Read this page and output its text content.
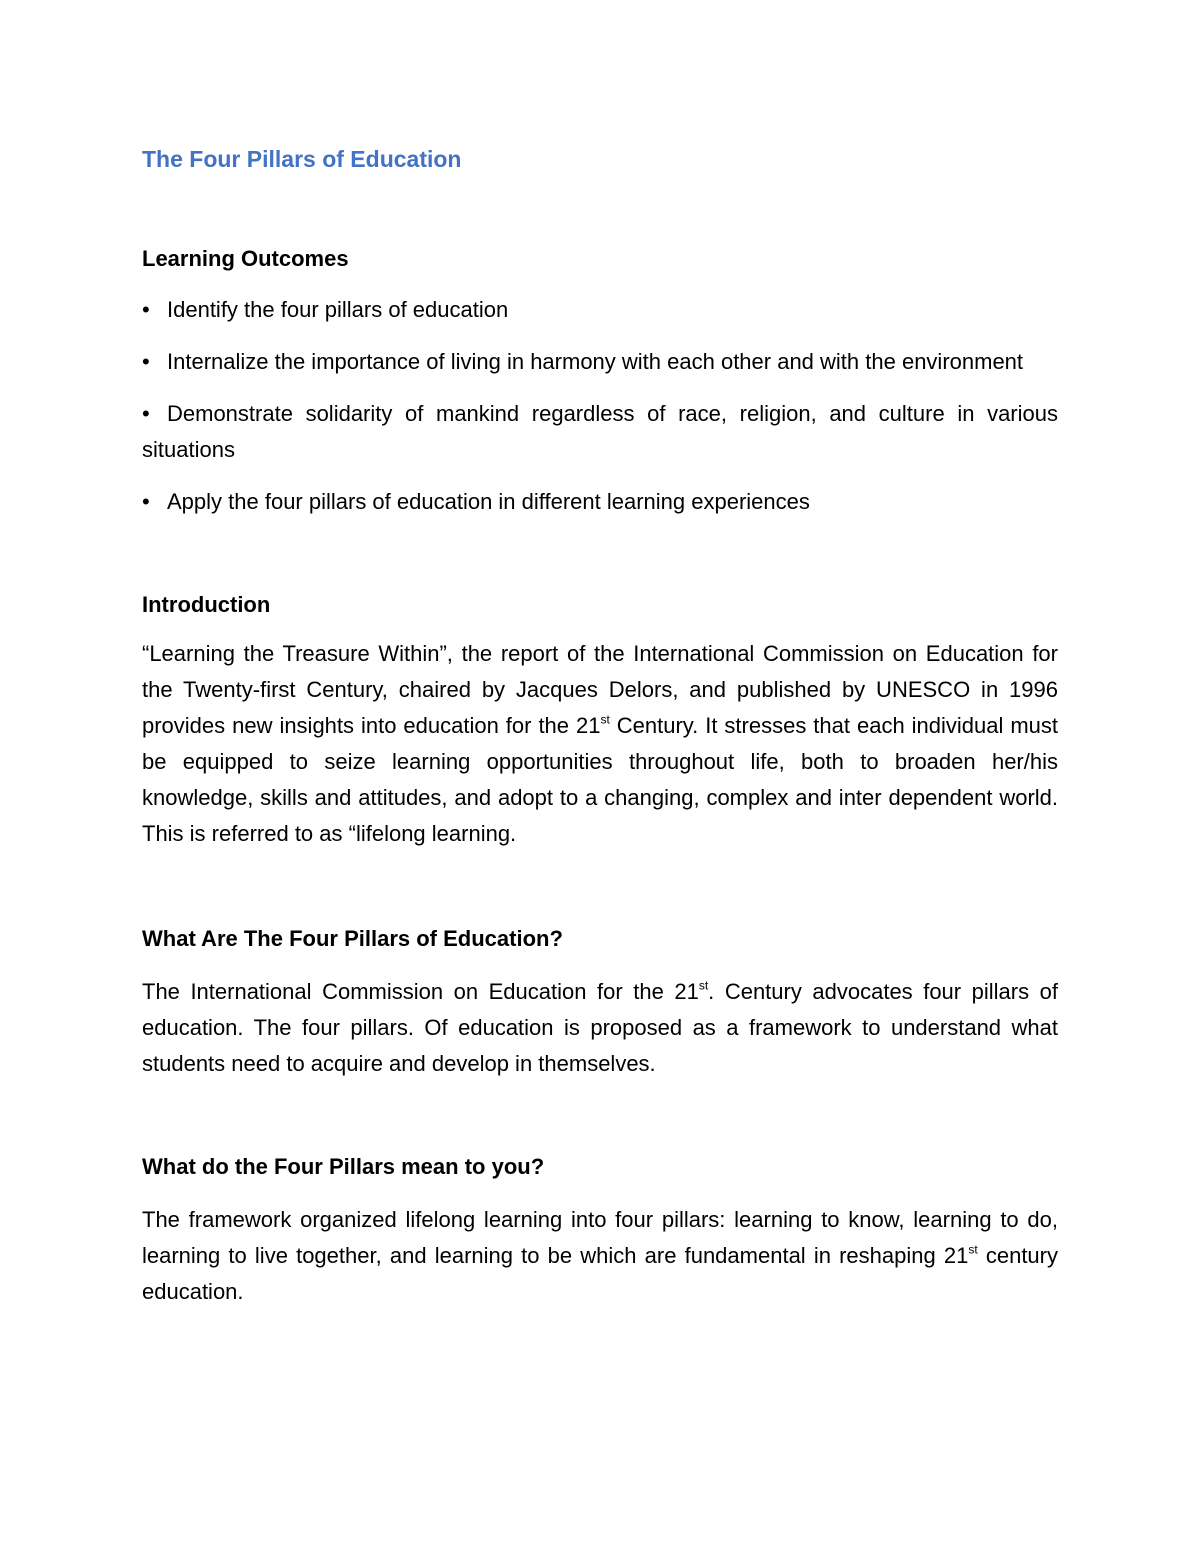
The Four Pillars of Education
Learning Outcomes

• Identify the four pillars of education

• Internalize the importance of living in harmony with each other and with the environment

• Demonstrate solidarity of mankind regardless of race, religion, and culture in various situations

• Apply the four pillars of education in different learning experiences

Introduction

“Learning the Treasure Within”, the report of the International Commission on Education for the Twenty-first Century, chaired by Jacques Delors, and published by UNESCO in 1996 provides new insights into education for the 21st Century. It stresses that each individual must be equipped to seize learning opportunities throughout life, both to broaden her/his knowledge, skills and attitudes, and adopt to a changing, complex and inter dependent world. This is referred to as “lifelong learning.

What Are The Four Pillars of Education?

The International Commission on Education for the 21st. Century advocates four pillars of education. The four pillars. Of education is proposed as a framework to understand what students need to acquire and develop in themselves.

What do the Four Pillars mean to you?

The framework organized lifelong learning into four pillars: learning to know, learning to do, learning to live together, and learning to be which are fundamental in reshaping 21st century education.
